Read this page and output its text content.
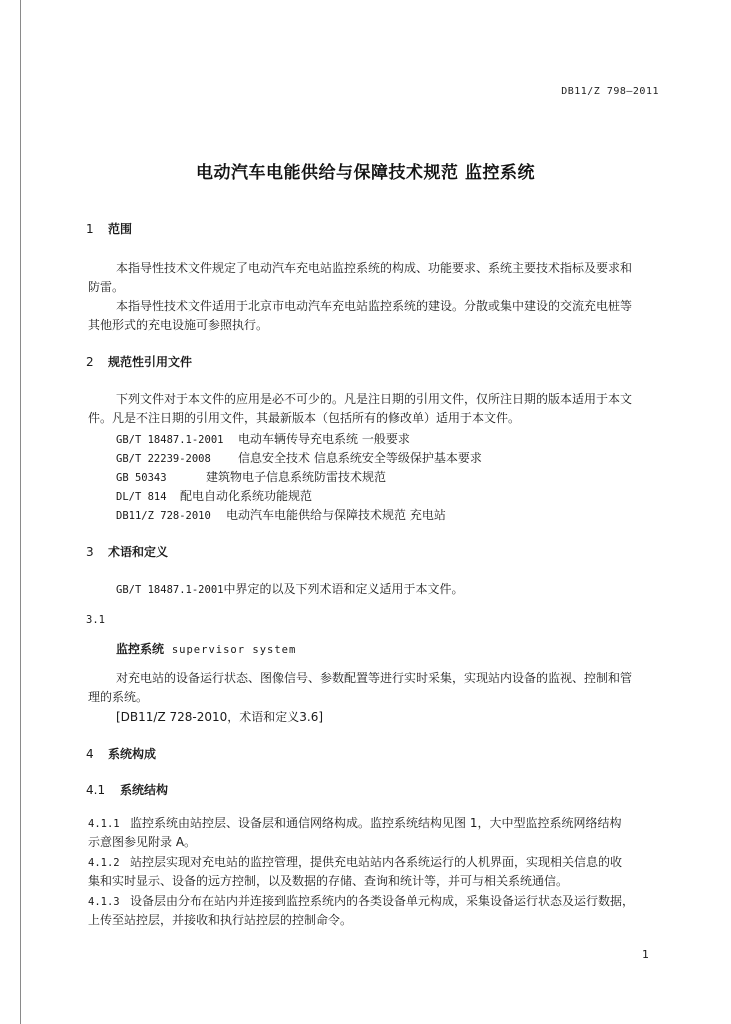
DB11/Z 798—2011
电动汽车电能供给与保障技术规范 监控系统
1 范围
本指导性技术文件规定了电动汽车充电站监控系统的构成、功能要求、系统主要技术指标及要求和
防雷。
本指导性技术文件适用于北京市电动汽车充电站监控系统的建设。分散或集中建设的交流充电桩等
其他形式的充电设施可参照执行。
2 规范性引用文件
下列文件对于本文件的应用是必不可少的。凡是注日期的引用文件，仅所注日期的版本适用于本文
件。凡是不注日期的引用文件，其最新版本（包括所有的修改单）适用于本文件。
GB/T 18487.1-2001 电动车辆传导充电系统 一般要求
GB/T 22239-2008 信息安全技术 信息系统安全等级保护基本要求
GB 50343	建筑物电子信息系统防雷技术规范
DL/T 814 配电自动化系统功能规范
DB11/Z 728-2010 电动汽车电能供给与保障技术规范 充电站
3 术语和定义
GB/T 18487.1-2001中界定的以及下列术语和定义适用于本文件。
3.1
监控系统 supervisor system
对充电站的设备运行状态、图像信号、参数配置等进行实时采集，实现站内设备的监视、控制和管
理的系统。
[DB11/Z 728-2010，术语和定义3.6]
4 系统构成
4.1 系统结构
4.1.1 监控系统由站控层、设备层和通信网络构成。监控系统结构见图 1，大中型监控系统网络结构
示意图参见附录 A。
4.1.2 站控层实现对充电站的监控管理，提供充电站站内各系统运行的人机界面，实现相关信息的收
集和实时显示、设备的远方控制，以及数据的存储、查询和统计等，并可与相关系统通信。
4.1.3 设备层由分布在站内并连接到监控系统内的各类设备单元构成，采集设备运行状态及运行数据，
上传至站控层，并接收和执行站控层的控制命令。
1
